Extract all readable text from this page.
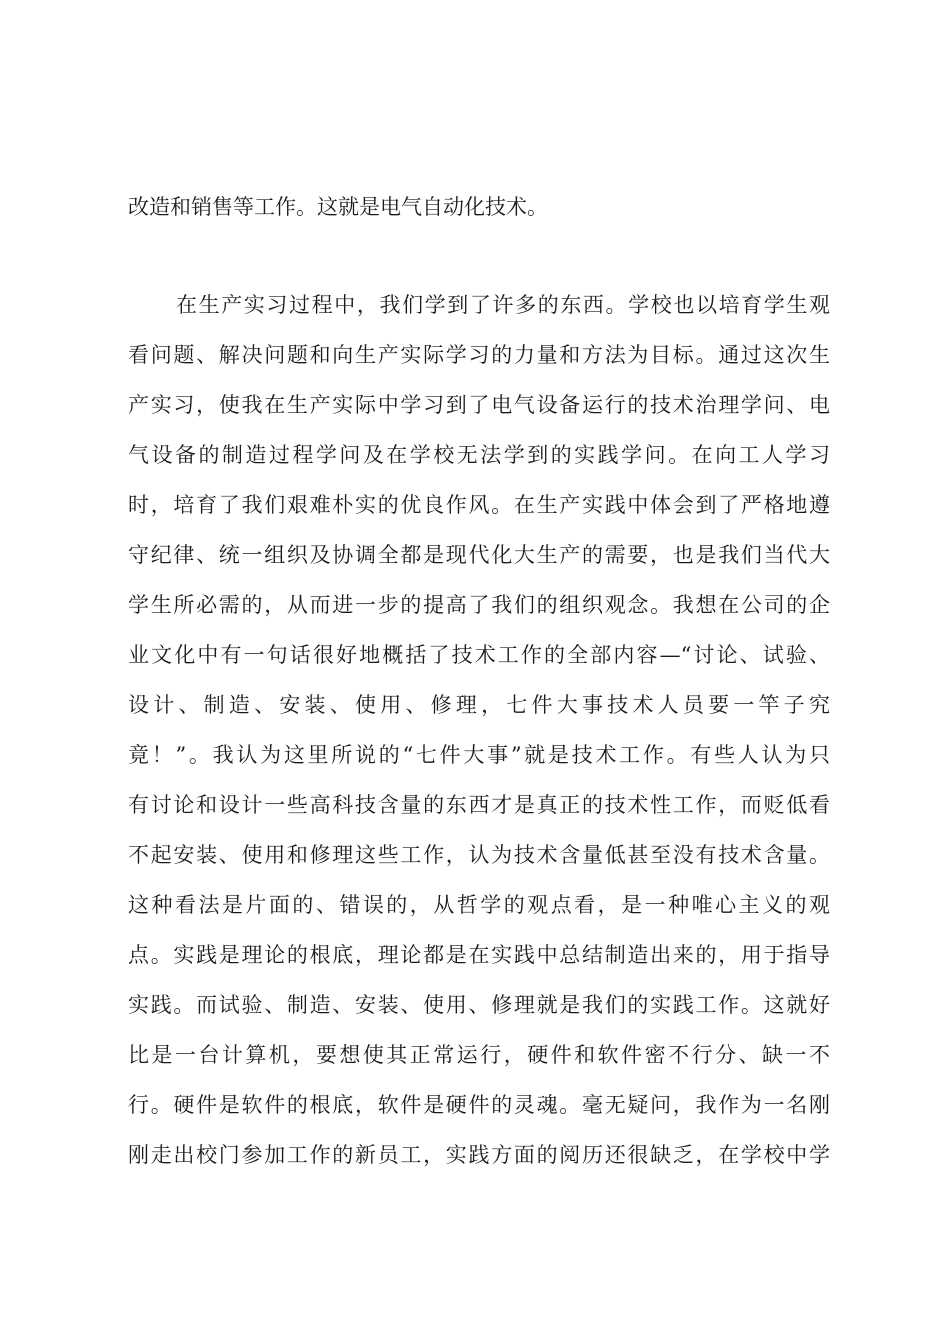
改造和销售等工作。这就是电气自动化技术。
在生产实习过程中，我们学到了许多的东西。学校也以培育学生观
看问题、解决问题和向生产实际学习的力量和方法为目标。通过这次生
产实习，使我在生产实际中学习到了电气设备运行的技术治理学问、电
气设备的制造过程学问及在学校无法学到的实践学问。在向工人学习
时，培育了我们艰难朴实的优良作风。在生产实践中体会到了严格地遵
守纪律、统一组织及协调全都是现代化大生产的需要，也是我们当代大
学生所必需的，从而进一步的提高了我们的组织观念。我想在公司的企
业文化中有一句话很好地概括了技术工作的全部内容—“讨论、试验、
设计、制造、安装、使用、修理，七件大事技术人员要一竿子究
竟！”。我认为这里所说的“七件大事”就是技术工作。有些人认为只
有讨论和设计一些高科技含量的东西才是真正的技术性工作，而贬低看
不起安装、使用和修理这些工作，认为技术含量低甚至没有技术含量。
这种看法是片面的、错误的，从哲学的观点看，是一种唯心主义的观
点。实践是理论的根底，理论都是在实践中总结制造出来的，用于指导
实践。而试验、制造、安装、使用、修理就是我们的实践工作。这就好
比是一台计算机，要想使其正常运行，硬件和软件密不行分、缺一不
行。硬件是软件的根底，软件是硬件的灵魂。毫无疑问，我作为一名刚
刚走出校门参加工作的新员工，实践方面的阅历还很缺乏，在学校中学
